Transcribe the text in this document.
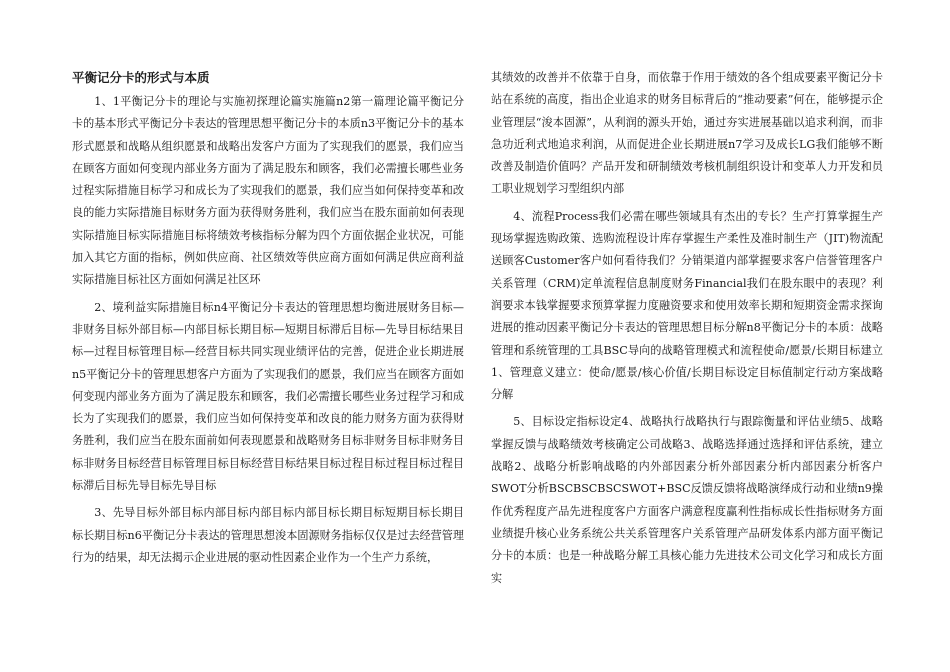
平衡记分卡的形式与本质

1、1平衡记分卡的理论与实施初探理论篇实施篇n2第一篇理论篇平衡记分卡的基本形式平衡记分卡表达的管理思想平衡记分卡的本质n3平衡记分卡的基本形式愿景和战略从组织愿景和战略出发客户方面为了实现我们的愿景，我们应当在顾客方面如何变现内部业务方面为了满足股东和顾客，我们必需擅长哪些业务过程实际措施目标学习和成长为了实现我们的愿景，我们应当如何保持变革和改良的能力实际措施目标财务方面为获得财务胜利，我们应当在股东面前如何表现实际措施目标实际措施目标将绩效考核指标分解为四个方面依据企业状况，可能加入其它方面的指标，例如供应商、社区绩效等供应商方面如何满足供应商利益实际措施目标社区方面如何满足社区环

2、境利益实际措施目标n4平衡记分卡表达的管理思想均衡进展财务目标—非财务目标外部目标—内部目标长期目标—短期目标滞后目标—先导目标结果目标—过程目标管理目标—经营目标共同实现业绩评估的完善，促进企业长期进展n5平衡记分卡的管理思想客户方面为了实现我们的愿景，我们应当在顾客方面如何变现内部业务方面为了满足股东和顾客，我们必需擅长哪些业务过程学习和成长为了实现我们的愿景，我们应当如何保持变革和改良的能力财务方面为获得财务胜利，我们应当在股东面前如何表现愿景和战略财务目标非财务目标非财务目标非财务目标经营目标管理目标目标经营目标结果目标过程目标过程目标过程目标滞后目标先导目标先导目标

3、先导目标外部目标内部目标内部目标内部目标长期目标短期目标长期目标长期目标n6平衡记分卡表达的管理思想浚本固源财务指标仅仅是过去经营管理行为的结果，却无法揭示企业进展的驱动性因素企业作为一个生产力系统，

其绩效的改善并不依靠于自身，而依靠于作用于绩效的各个组成要素平衡记分卡站在系统的高度，指出企业追求的财务目标背后的“推动要素”何在，能够提示企业管理层“浚本固源”，从利润的源头开始，通过夯实进展基础以追求利润，而非急功近利式地追求利润，从而促进企业长期进展n7学习及成长LG我们能够不断改善及制造价值吗？产品开发和研制绩效考核机制组织设计和变革人力开发和员工职业规划学习型组织内部

4、流程Process我们必需在哪些领域具有杰出的专长？生产打算掌握生产现场掌握选购政策、选购流程设计库存掌握生产柔性及准时制生产（JIT)物流配送顾客Customer客户如何看待我们？分销渠道内部掌握要求客户信誉管理客户关系管理（CRM)定单流程信息制度财务Financial我们在股东眼中的表现？利润要求本钱掌握要求预算掌握力度融资要求和使用效率长期和短期资金需求探询进展的推动因素平衡记分卡表达的管理思想目标分解n8平衡记分卡的本质：战略管理和系统管理的工具BSC导向的战略管理模式和流程使命/愿景/长期目标建立1、管理意义建立：使命/愿景/核心价值/长期目标设定目标值制定行动方案战略分解

5、目标设定指标设定4、战略执行战略执行与跟踪衡量和评估业绩5、战略掌握反馈与战略绩效考核确定公司战略3、战略选择通过选择和评估系统，建立战略2、战略分析影响战略的内外部因素分析外部因素分析内部因素分析客户SWOT分析BSCBSCBSCSWOT+BSC反馈反馈将战略演绎成行动和业绩n9操作优秀程度产品先进程度客户方面客户满意程度赢利性指标成长性指标财务方面业绩提升核心业务系统公共关系管理客户关系管理产品研发体系内部方面平衡记分卡的本质：也是一种战略分解工具核心能力先进技术公司文化学习和成长方面实
